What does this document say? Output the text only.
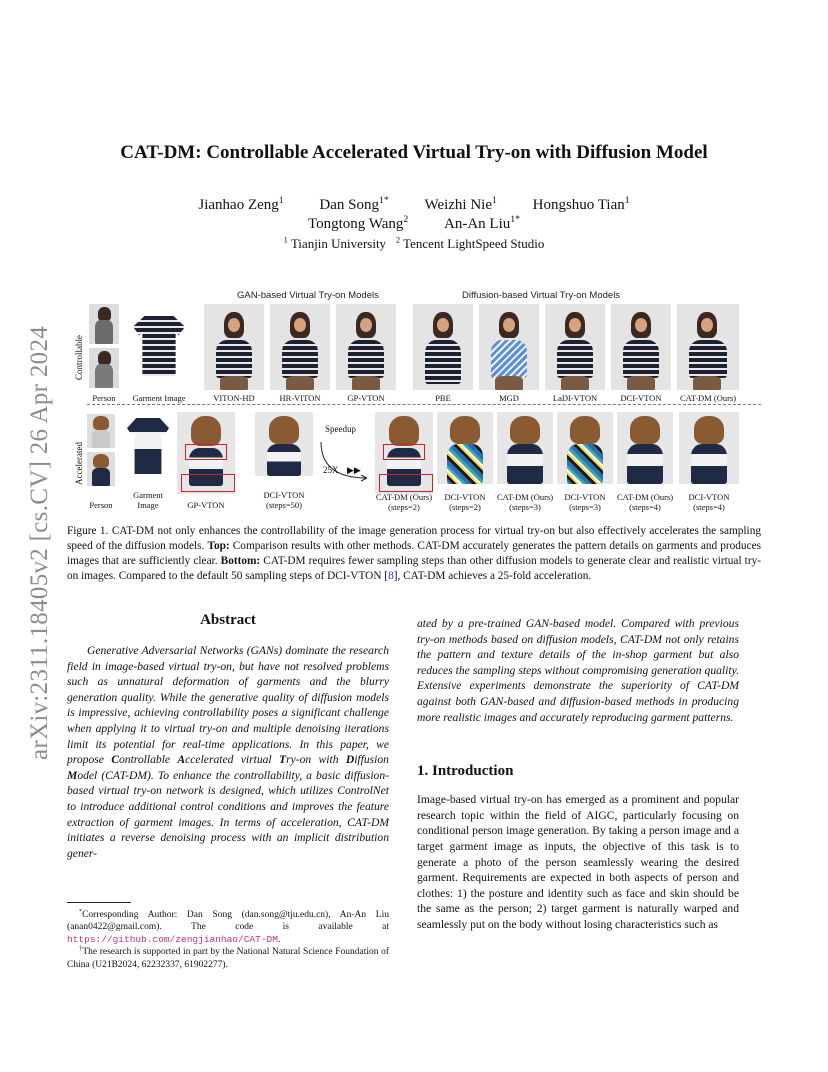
arXiv:2311.18405v2 [cs.CV] 26 Apr 2024
CAT-DM: Controllable Accelerated Virtual Try-on with Diffusion Model
Jianhao Zeng$^1$ Dan Song$^{1*}$ Weizhi Nie$^1$ Hongshuo Tian$^1$
Tongtong Wang$^2$ An-An Liu$^{1*}$
$^1$ Tianjin University $^2$ Tencent LightSpeed Studio
GAN-based Virtual Try-on Models	Diffusion-based Virtual Try-on Models
Controllable
Accelerated
Person	Garment Image	VITON-HD	HR-VITON	GP-VTON	PBE	MGD	LaDI-VTON	DCI-VTON	CAT-DM (Ours)
Speedup
25X ▶▶
Person
Garment
Image	GP-VTON
DCI-VTON
(steps=50)
CAT-DM (Ours)
(steps=2)
DCI-VTON
(steps=2)
CAT-DM (Ours)
(steps=3)
DCI-VTON
(steps=3)
CAT-DM (Ours)
(steps=4)
DCI-VTON
(steps=4)
Figure 1. CAT-DM not only enhances the controllability of the image generation process for virtual try-on but also effectively accelerates the sampling speed of the diffusion models. Top: Comparison results with other methods. CAT-DM accurately generates the pattern details on garments and produces images that are sufficiently clear. Bottom: CAT-DM requires fewer sampling steps than other diffusion models to generate clear and realistic virtual try-on images. Compared to the default 50 sampling steps of DCI-VTON [8], CAT-DM achieves a 25-fold acceleration.
Abstract
Generative Adversarial Networks (GANs) dominate the research field in image-based virtual try-on, but have not resolved problems such as unnatural deformation of garments and the blurry generation quality. While the generative quality of diffusion models is impressive, achieving controllability poses a significant challenge when applying it to virtual try-on and multiple denoising iterations limit its potential for real-time applications. In this paper, we propose Controllable Accelerated virtual Try-on with Diffusion Model (CAT-DM). To enhance the controllability, a basic diffusion-based virtual try-on network is designed, which utilizes ControlNet to introduce additional control conditions and improves the feature extraction of garment images. In terms of acceleration, CAT-DM initiates a reverse denoising process with an implicit distribution gener-
ated by a pre-trained GAN-based model. Compared with previous try-on methods based on diffusion models, CAT-DM not only retains the pattern and texture details of the in-shop garment but also reduces the sampling steps without compromising generation quality. Extensive experiments demonstrate the superiority of CAT-DM against both GAN-based and diffusion-based methods in producing more realistic images and accurately reproducing garment patterns.
1. Introduction
Image-based virtual try-on has emerged as a prominent and popular research topic within the field of AIGC, particularly focusing on conditional person image generation. By taking a person image and a target garment image as inputs, the objective of this task is to generate a photo of the person seamlessly wearing the desired garment. Requirements are expected in both aspects of person and clothes: 1) the posture and identity such as face and skin should be the same as the person; 2) target garment is naturally warped and seamlessly put on the body without losing characteristics such as
*Corresponding Author: Dan Song (dan.song@tju.edu.cn), An-An Liu (anan0422@gmail.com). The code is available at https://github.com/zengjianhao/CAT-DM.
†The research is supported in part by the National Natural Science Foundation of China (U21B2024, 62232337, 61902277).
